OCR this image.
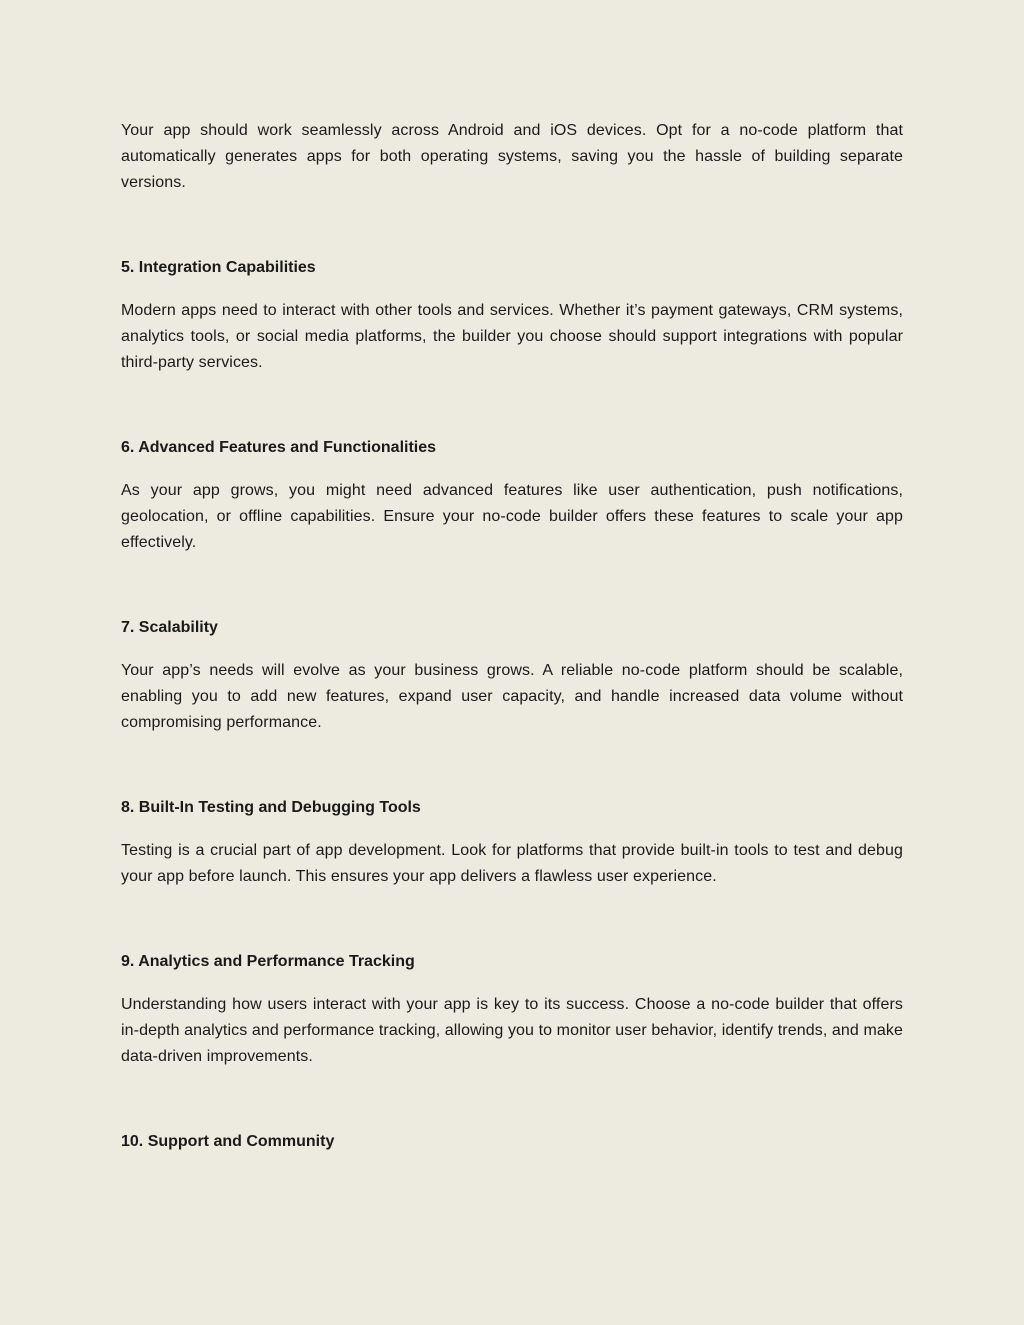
Your app should work seamlessly across Android and iOS devices. Opt for a no-code platform that automatically generates apps for both operating systems, saving you the hassle of building separate versions.

5. Integration Capabilities

Modern apps need to interact with other tools and services. Whether it’s payment gateways, CRM systems, analytics tools, or social media platforms, the builder you choose should support integrations with popular third-party services.

6. Advanced Features and Functionalities

As your app grows, you might need advanced features like user authentication, push notifications, geolocation, or offline capabilities. Ensure your no-code builder offers these features to scale your app effectively.

7. Scalability

Your app’s needs will evolve as your business grows. A reliable no-code platform should be scalable, enabling you to add new features, expand user capacity, and handle increased data volume without compromising performance.

8. Built-In Testing and Debugging Tools

Testing is a crucial part of app development. Look for platforms that provide built-in tools to test and debug your app before launch. This ensures your app delivers a flawless user experience.

9. Analytics and Performance Tracking

Understanding how users interact with your app is key to its success. Choose a no-code builder that offers in-depth analytics and performance tracking, allowing you to monitor user behavior, identify trends, and make data-driven improvements.

10. Support and Community
